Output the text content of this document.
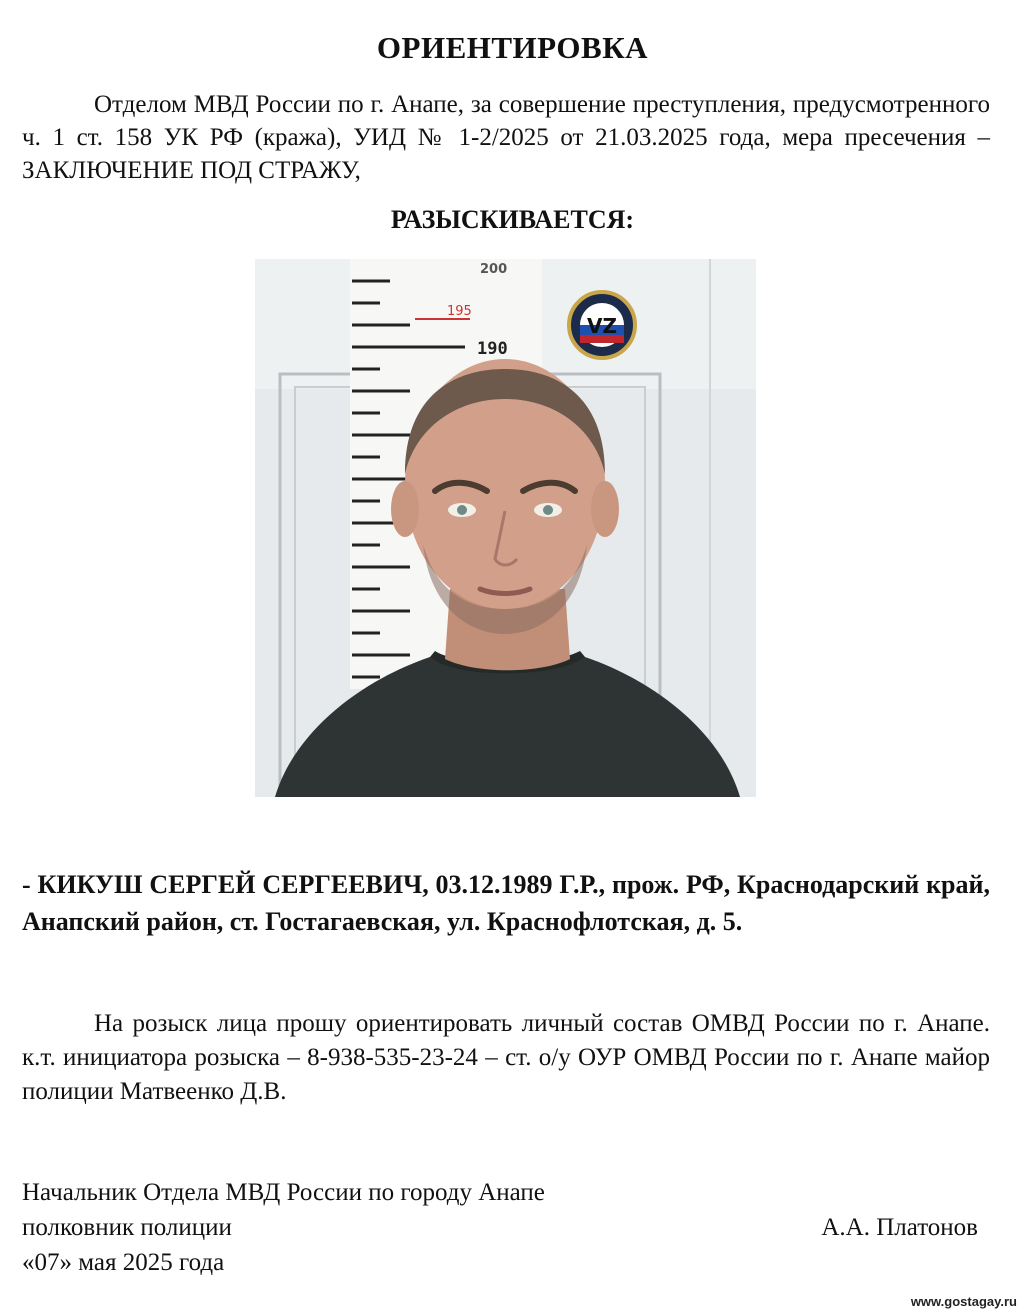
ОРИЕНТИРОВКА
Отделом МВД России по г. Анапе, за совершение преступления, предусмотренного ч. 1 ст. 158 УК РФ (кража), УИД № 1-2/2025 от 21.03.2025 года, мера пресечения – ЗАКЛЮЧЕНИЕ ПОД СТРАЖУ,
РАЗЫСКИВАЕТСЯ:
200
195
190
VZ
- КИКУШ СЕРГЕЙ СЕРГЕЕВИЧ, 03.12.1989 Г.Р., прож. РФ, Краснодарский край, Анапский район, ст. Гостагаевская, ул. Краснофлотская, д. 5.
На розыск лица прошу ориентировать личный состав ОМВД России по г. Анапе. к.т. инициатора розыска – 8-938-535-23-24 – ст. о/у ОУР ОМВД России по г. Анапе майор полиции Матвеенко Д.В.
Начальник Отдела МВД России по городу Анапе
полковник полиции
«07» мая 2025 года
А.А. Платонов
www.gostagay.ru
